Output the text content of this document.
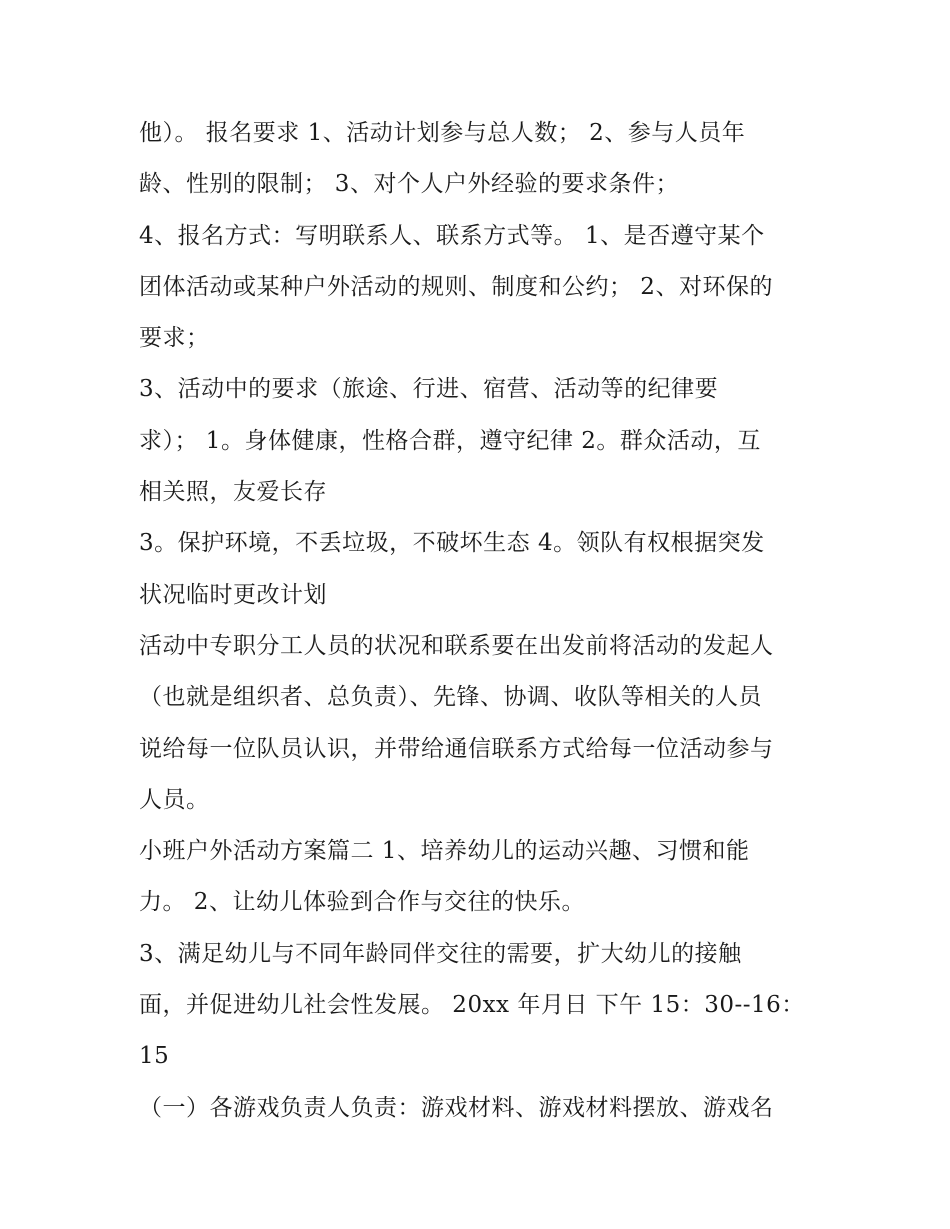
他）。 报名要求 1、活动计划参与总人数； 2、参与人员年
龄、性别的限制； 3、对个人户外经验的要求条件；
4、报名方式：写明联系人、联系方式等。 1、是否遵守某个
团体活动或某种户外活动的规则、制度和公约； 2、对环保的
要求；
3、活动中的要求（旅途、行进、宿营、活动等的纪律要
求）； 1。身体健康，性格合群，遵守纪律 2。群众活动，互
相关照，友爱长存
3。保护环境，不丢垃圾，不破坏生态 4。领队有权根据突发
状况临时更改计划
活动中专职分工人员的状况和联系要在出发前将活动的发起人
（也就是组织者、总负责）、先锋、协调、收队等相关的人员
说给每一位队员认识，并带给通信联系方式给每一位活动参与
人员。
小班户外活动方案篇二 1、培养幼儿的运动兴趣、习惯和能
力。 2、让幼儿体验到合作与交往的快乐。
3、满足幼儿与不同年龄同伴交往的需要，扩大幼儿的接触
面，并促进幼儿社会性发展。 20xx 年月日 下午 15：30--16：
15
（一）各游戏负责人负责：游戏材料、游戏材料摆放、游戏名
